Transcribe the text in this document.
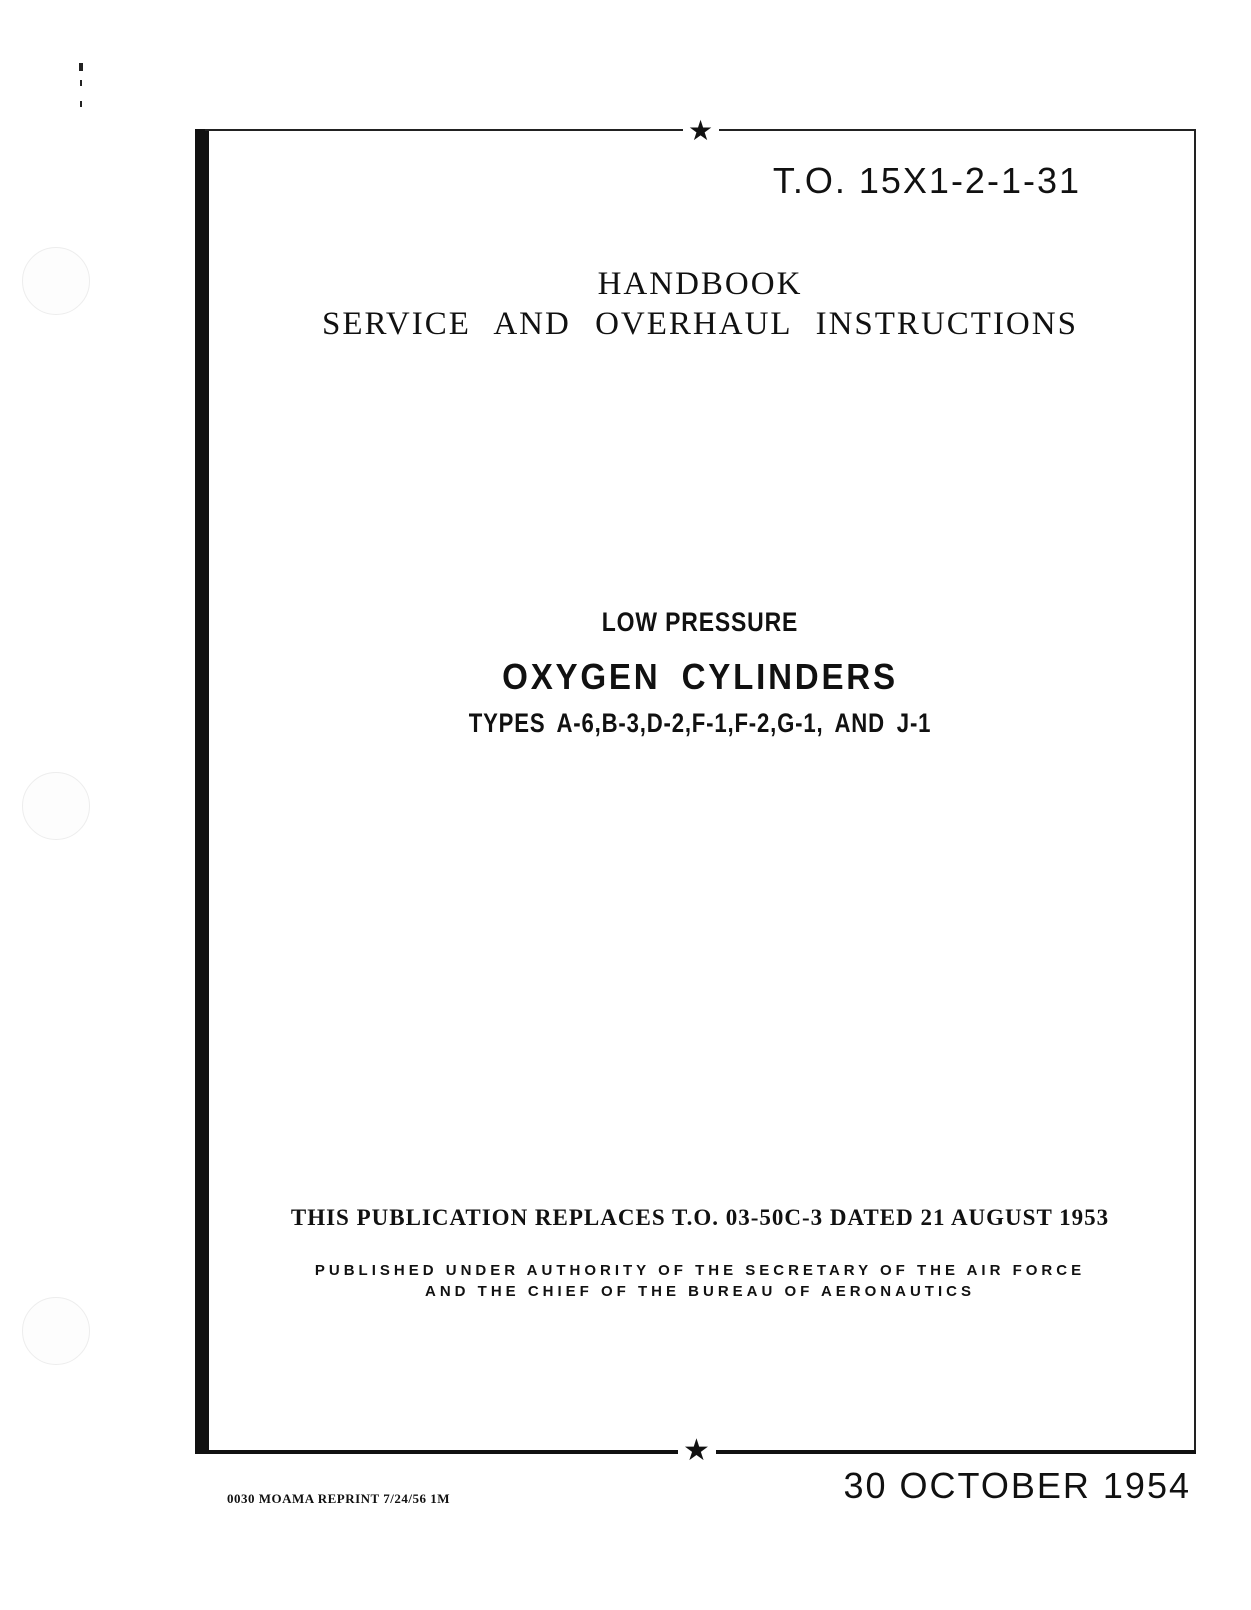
★
★
T.O. 15X1-2-1-31
HANDBOOK
SERVICE AND OVERHAUL INSTRUCTIONS
LOW PRESSURE
OXYGEN CYLINDERS
TYPES A-6,B-3,D-2,F-1,F-2,G-1, AND J-1
THIS PUBLICATION REPLACES T.O. 03-50C-3 DATED 21 AUGUST 1953
PUBLISHED UNDER AUTHORITY OF THE SECRETARY OF THE AIR FORCE
AND THE CHIEF OF THE BUREAU OF AERONAUTICS
30 OCTOBER 1954
0030 MOAMA REPRINT 7/24/56 1M
